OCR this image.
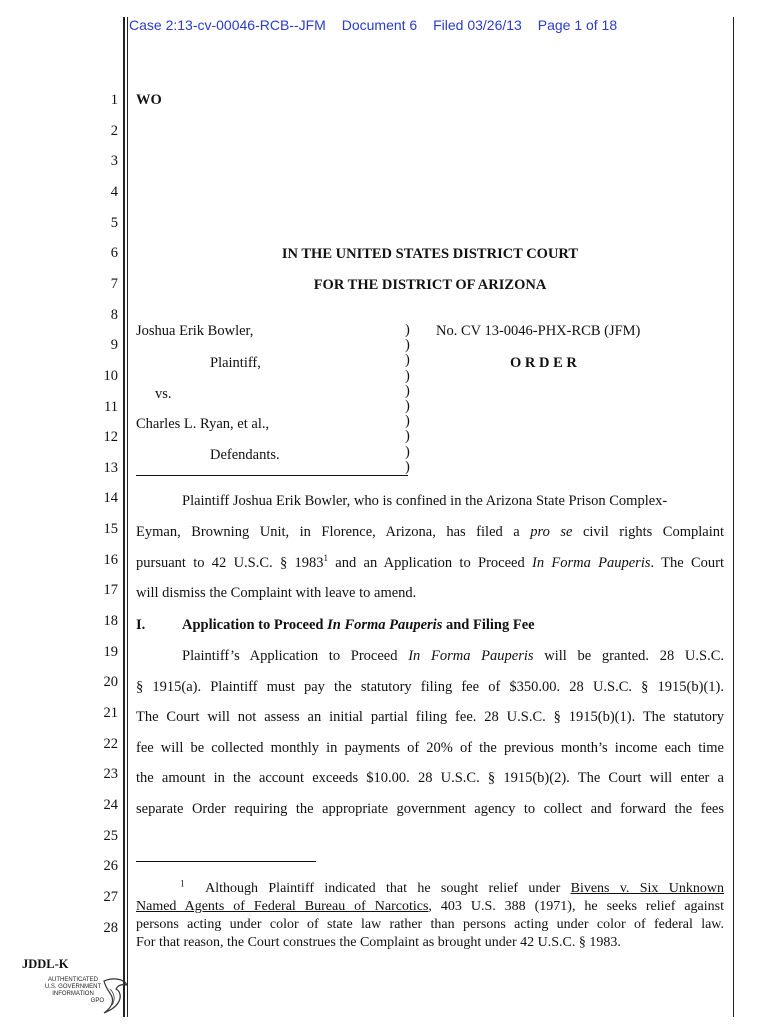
Case 2:13-cv-00046-RCB--JFM Document 6 Filed 03/26/13 Page 1 of 18
1
2
3
4
5
6
7
8
9
10
11
12
13
14
15
16
17
18
19
20
21
22
23
24
25
26
27
28
WO
IN THE UNITED STATES DISTRICT COURT
FOR THE DISTRICT OF ARIZONA
Joshua Erik Bowler,
Plaintiff,
vs.
Charles L. Ryan, et al.,
Defendants.
)
)
)
)
)
)
)
)
)
)
No. CV 13-0046-PHX-RCB (JFM)
O R D E R
Plaintiff Joshua Erik Bowler, who is confined in the Arizona State Prison Complex-
Eyman, Browning Unit, in Florence, Arizona, has filed a pro se civil rights Complaint
pursuant to 42 U.S.C. § 1983$^1$ and an Application to Proceed In Forma Pauperis. The Court
will dismiss the Complaint with leave to amend.
I.	Application to Proceed In Forma Pauperis and Filing Fee
Plaintiff’s Application to Proceed In Forma Pauperis will be granted. 28 U.S.C.
§ 1915(a). Plaintiff must pay the statutory filing fee of $350.00. 28 U.S.C. § 1915(b)(1).
The Court will not assess an initial partial filing fee. 28 U.S.C. § 1915(b)(1). The statutory
fee will be collected monthly in payments of 20% of the previous month’s income each time
the amount in the account exceeds $10.00. 28 U.S.C. § 1915(b)(2). The Court will enter a
separate Order requiring the appropriate government agency to collect and forward the fees
$^1$ Although Plaintiff indicated that he sought relief under Bivens v. Six Unknown
Named Agents of Federal Bureau of Narcotics, 403 U.S. 388 (1971), he seeks relief against
persons acting under color of state law rather than persons acting under color of federal law.
For that reason, the Court construes the Complaint as brought under 42 U.S.C. § 1983.
JDDL-K
AUTHENTICATED
U.S. GOVERNMENT
INFORMATION
GPO
